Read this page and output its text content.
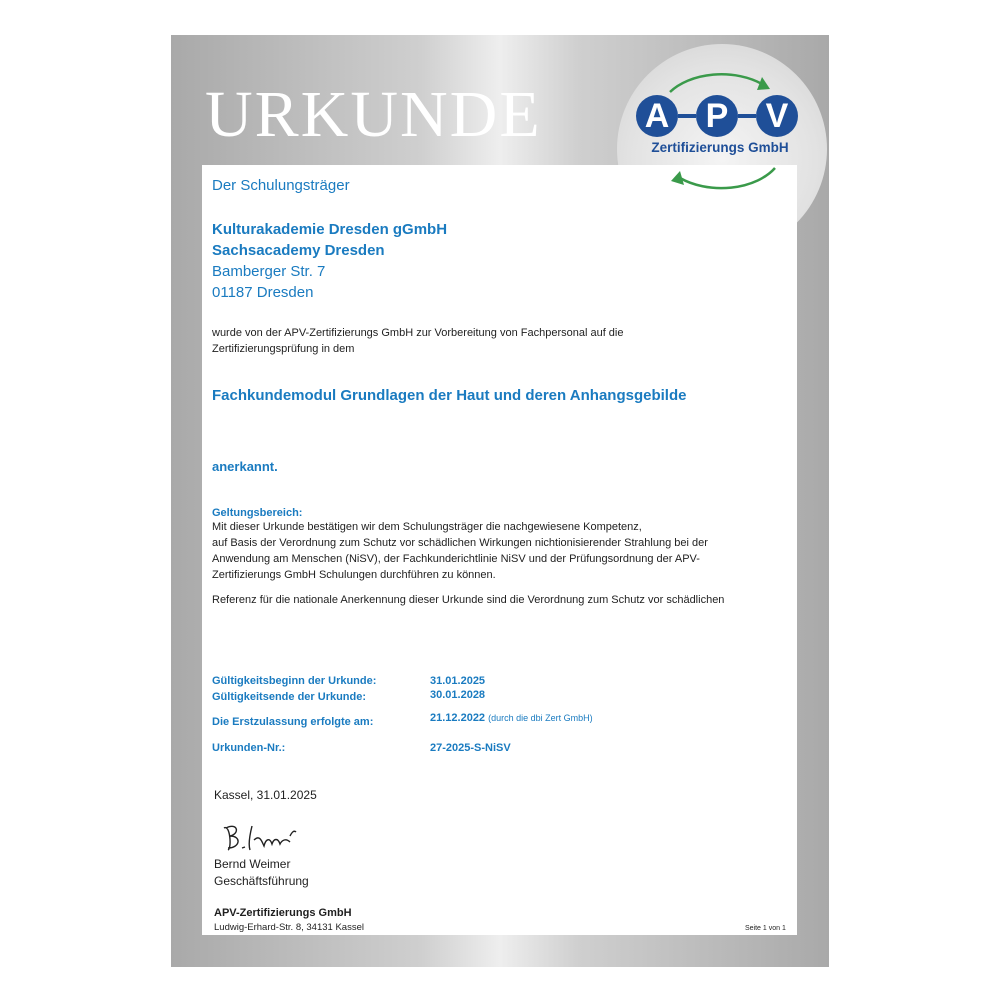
URKUNDE	A P V
Zertifizierungs GmbH
Der Schulungsträger
Kulturakademie Dresden gGmbH
Sachsacademy Dresden
Bamberger Str. 7
01187 Dresden
wurde von der APV-Zertifizierungs GmbH zur Vorbereitung von Fachpersonal auf die
Zertifizierungsprüfung in dem
Fachkundemodul Grundlagen der Haut und deren Anhangsgebilde
anerkannt.
Geltungsbereich:
Mit dieser Urkunde bestätigen wir dem Schulungsträger die nachgewiesene Kompetenz,
auf Basis der Verordnung zum Schutz vor schädlichen Wirkungen nichtionisierender Strahlung bei der
Anwendung am Menschen (NiSV), der Fachkunderichtlinie NiSV und der Prüfungsordnung der APV-
Zertifizierungs GmbH Schulungen durchführen zu können.
Referenz für die nationale Anerkennung dieser Urkunde sind die Verordnung zum Schutz vor schädlichen
Gültigkeitsbeginn der Urkunde:	31.01.2025
Gültigkeitsende der Urkunde:	30.01.2028
Die Erstzulassung erfolgte am:	21.12.2022 (durch die dbi Zert GmbH)
Urkunden-Nr.:	27-2025-S-NiSV
Kassel, 31.01.2025
Bernd Weimer
Geschäftsführung
APV-Zertifizierungs GmbH
Ludwig-Erhard-Str. 8, 34131 Kassel	Seite 1 von 1
